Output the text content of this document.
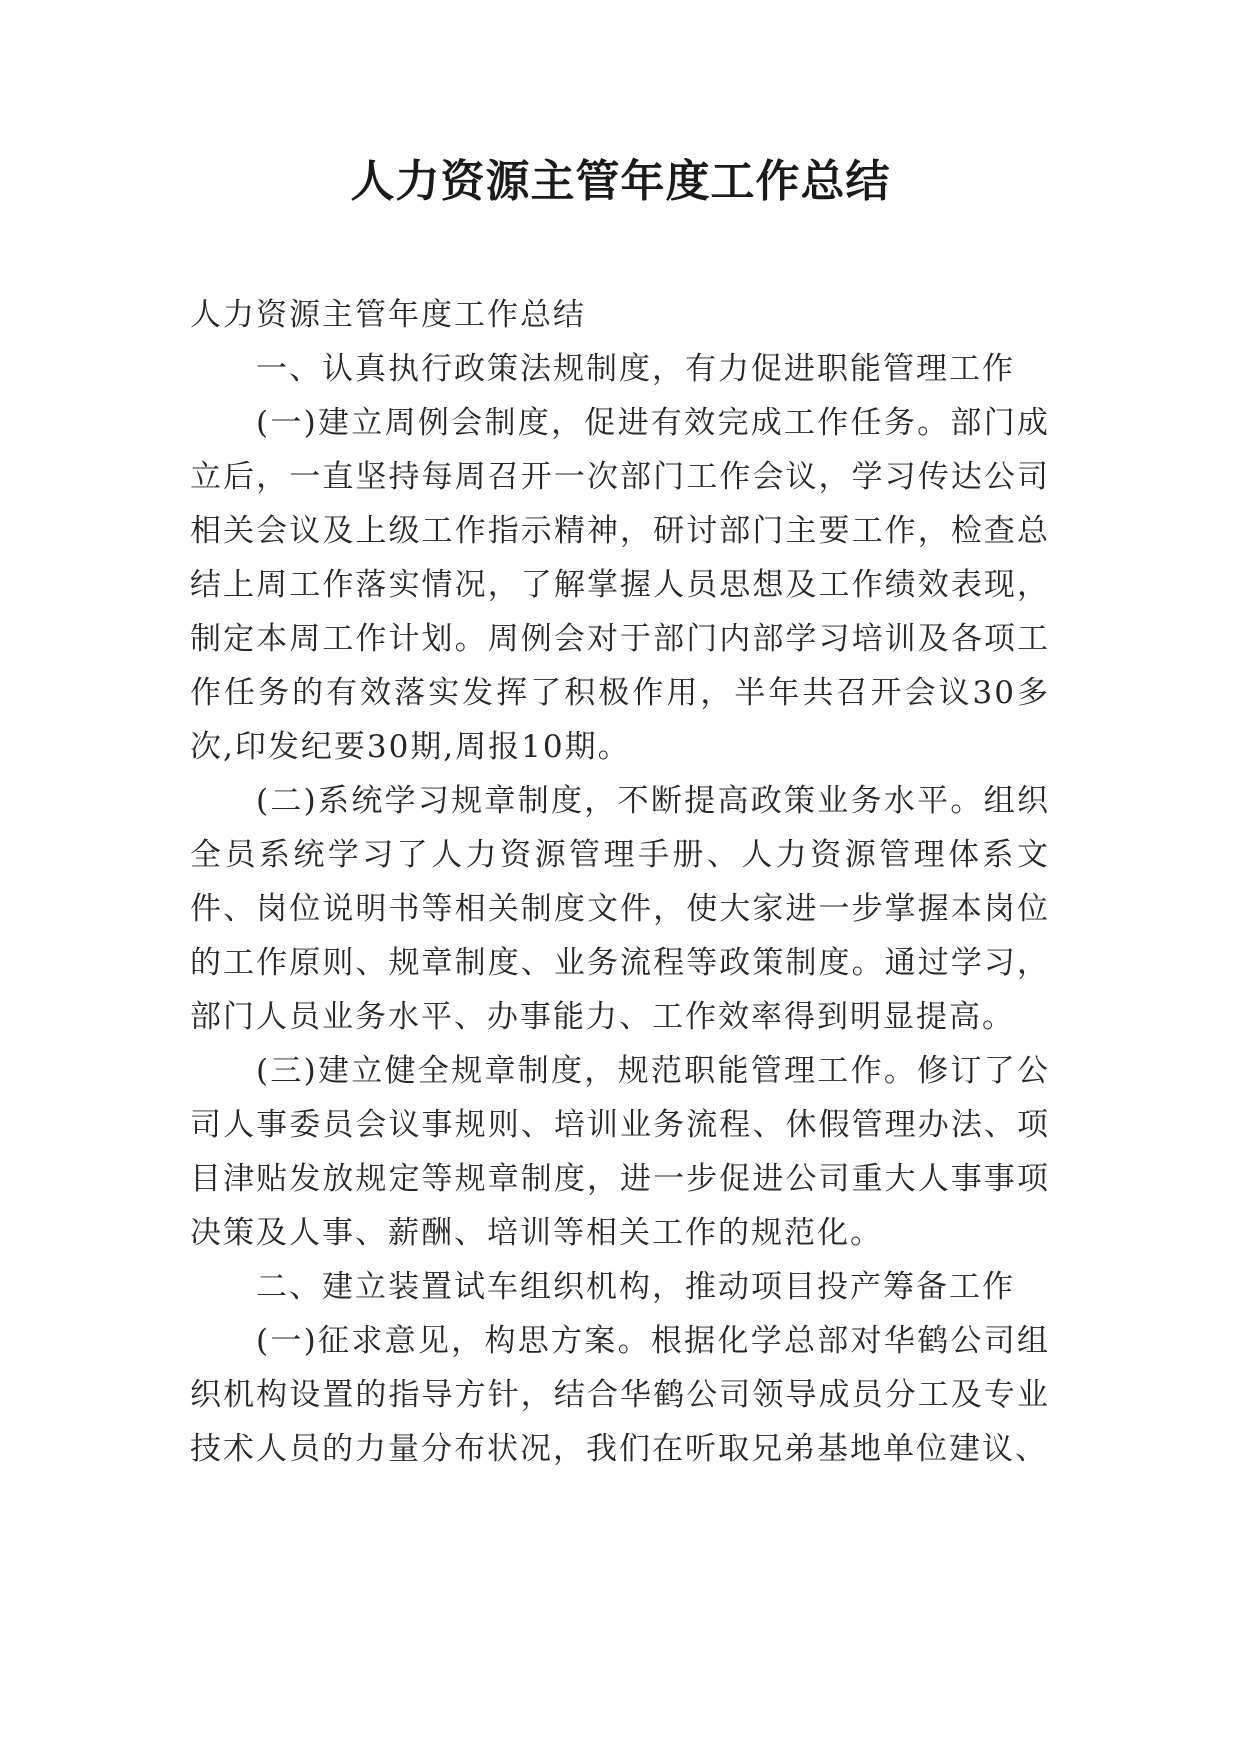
人力资源主管年度工作总结

人力资源主管年度工作总结

一、认真执行政策法规制度，有力促进职能管理工作

(一)建立周例会制度，促进有效完成工作任务。部门成立后，一直坚持每周召开一次部门工作会议，学习传达公司相关会议及上级工作指示精神，研讨部门主要工作，检查总结上周工作落实情况，了解掌握人员思想及工作绩效表现，制定本周工作计划。周例会对于部门内部学习培训及各项工作任务的有效落实发挥了积极作用，半年共召开会议30多次,印发纪要30期,周报10期。

(二)系统学习规章制度，不断提高政策业务水平。组织全员系统学习了人力资源管理手册、人力资源管理体系文件、岗位说明书等相关制度文件，使大家进一步掌握本岗位的工作原则、规章制度、业务流程等政策制度。通过学习，部门人员业务水平、办事能力、工作效率得到明显提高。

(三)建立健全规章制度，规范职能管理工作。修订了公司人事委员会议事规则、培训业务流程、休假管理办法、项目津贴发放规定等规章制度，进一步促进公司重大人事事项决策及人事、薪酬、培训等相关工作的规范化。

二、建立装置试车组织机构，推动项目投产筹备工作

(一)征求意见，构思方案。根据化学总部对华鹤公司组织机构设置的指导方针，结合华鹤公司领导成员分工及专业技术人员的力量分布状况，我们在听取兄弟基地单位建议、
